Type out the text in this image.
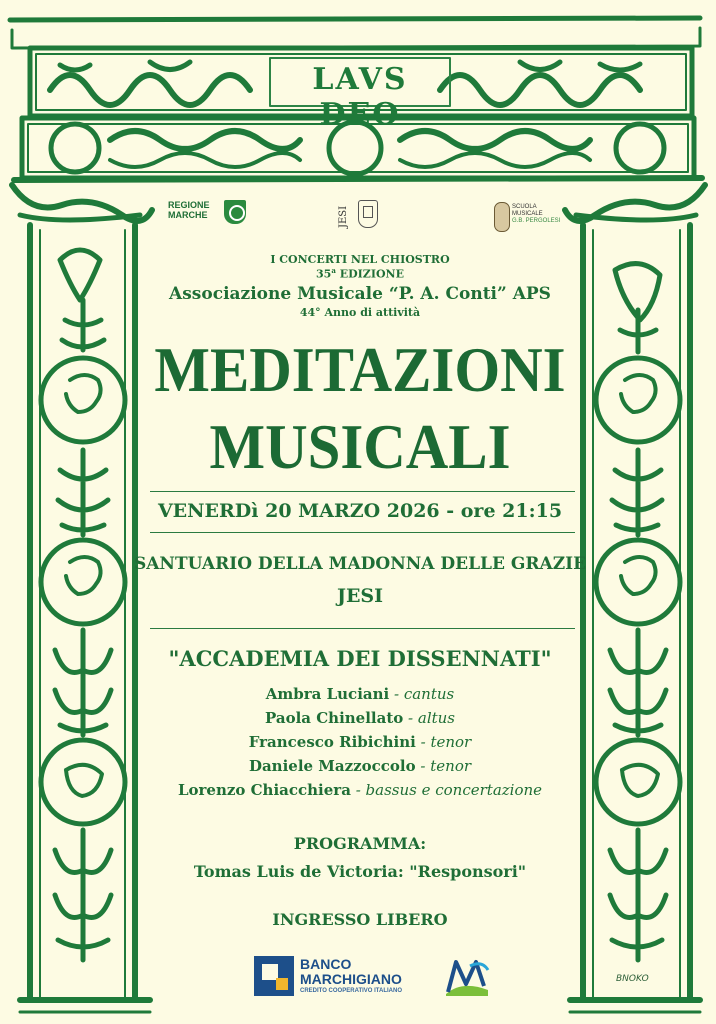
LAVS DEO
BNOKO
REGIONE
MARCHE	JESI	SCUOLA
MUSICALE
G.B. PERGOLESI
I CONCERTI NEL CHIOSTRO
35$^a$ EDIZIONE
Associazione Musicale “P. A. Conti” APS
44° Anno di attività
MEDITAZIONI
MUSICALI
VENERDì 20 MARZO 2026 - ore 21:15
SANTUARIO DELLA MADONNA DELLE GRAZIE
JESI
"ACCADEMIA DEI DISSENNATI"
Ambra Luciani - cantus
Paola Chinellato - altus
Francesco Ribichini - tenor
Daniele Mazzoccolo - tenor
Lorenzo Chiacchiera - bassus e concertazione
PROGRAMMA:
Tomas Luis de Victoria: "Responsori"
INGRESSO LIBERO
BANCO
MARCHIGIANO
CREDITO COOPERATIVO ITALIANO
